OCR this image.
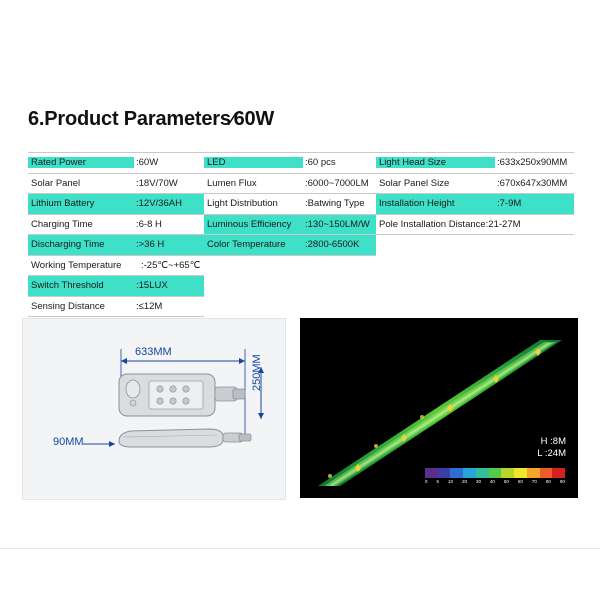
6.Product Parameters∕60W
Rated Power	:60W
Solar Panel	:18V/70W
Lithium Battery	:12V/36AH
Charging Time	:6-8 H
Discharging Time	:>36 H
Working Temperature	:-25℃~+65℃
Switch Threshold	:15LUX
Sensing Distance	:≤12M
LED	:60 pcs
Lumen Flux	:6000~7000LM
Light Distribution	:Batwing Type
Luminous Efficiency	:130~150LM/W
Color Temperature	:2800-6500K
Light Head Size	:633x250x90MM
Solar Panel Size	:670x647x30MM
Installation Height	:7-9M
Pole Installation Distance:21-27M
633MM
250MM
90MM	H :8M
L :24M
0 5 10 20 30 40 50 60 70 80 90
